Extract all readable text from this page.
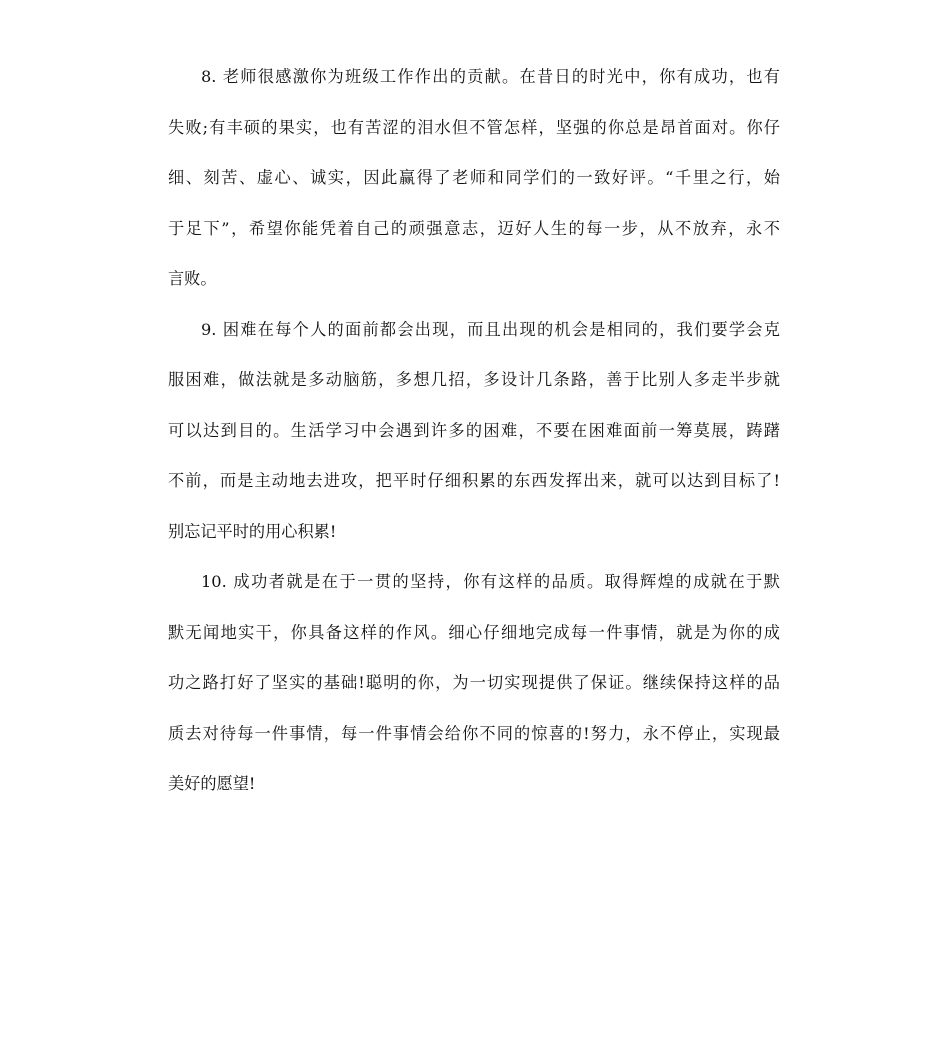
8. 老师很感激你为班级工作作出的贡献。在昔日的时光中，你有成功，也有
失败;有丰硕的果实，也有苦涩的泪水但不管怎样，坚强的你总是昂首面对。你仔
细、刻苦、虚心、诚实，因此赢得了老师和同学们的一致好评。“千里之行，始
于足下”，希望你能凭着自己的顽强意志，迈好人生的每一步，从不放弃，永不
言败。
9. 困难在每个人的面前都会出现，而且出现的机会是相同的，我们要学会克
服困难，做法就是多动脑筋，多想几招，多设计几条路，善于比别人多走半步就
可以达到目的。生活学习中会遇到许多的困难，不要在困难面前一筹莫展，踌躇
不前，而是主动地去进攻，把平时仔细积累的东西发挥出来，就可以达到目标了!
别忘记平时的用心积累!
10. 成功者就是在于一贯的坚持，你有这样的品质。取得辉煌的成就在于默
默无闻地实干，你具备这样的作风。细心仔细地完成每一件事情，就是为你的成
功之路打好了坚实的基础!聪明的你，为一切实现提供了保证。继续保持这样的品
质去对待每一件事情，每一件事情会给你不同的惊喜的!努力，永不停止，实现最
美好的愿望!
